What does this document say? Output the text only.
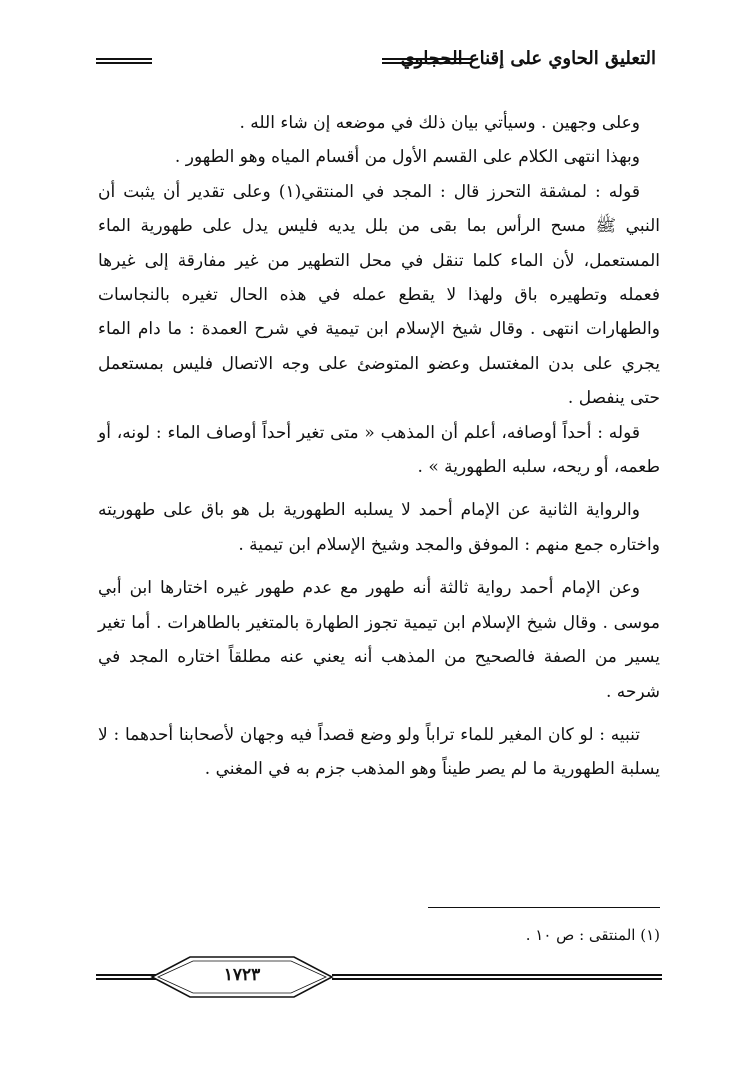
التعليق الحاوي على إقناع الحجاوي

وعلى وجهين . وسيأتي بيان ذلك في موضعه إن شاء الله .

وبهذا انتهى الكلام على القسم الأول من أقسام المياه وهو الطهور .

قوله : لمشقة التحرز قال : المجد في المنتقي(١) وعلى تقدير أن يثبت أن النبي ﷺ مسح الرأس بما بقى من بلل يديه فليس يدل على طهورية الماء المستعمل، لأن الماء كلما تنقل في محل التطهير من غير مفارقة إلى غيرها فعمله وتطهيره باق ولهذا لا يقطع عمله في هذه الحال تغيره بالنجاسات والطهارات انتهى . وقال شيخ الإسلام ابن تيمية في شرح العمدة : ما دام الماء يجري على بدن المغتسل وعضو المتوضئ على وجه الاتصال فليس بمستعمل حتى ينفصل .

قوله : أحداً أوصافه، أعلم أن المذهب « متى تغير أحداً أوصاف الماء : لونه، أو طعمه، أو ريحه، سلبه الطهورية » .

والرواية الثانية عن الإمام أحمد لا يسلبه الطهورية بل هو باق على طهوريته واختاره جمع منهم : الموفق والمجد وشيخ الإسلام ابن تيمية .

وعن الإمام أحمد رواية ثالثة أنه طهور مع عدم طهور غيره اختارها ابن أبي موسى . وقال شيخ الإسلام ابن تيمية تجوز الطهارة بالمتغير بالطاهرات . أما تغير يسير من الصفة فالصحيح من المذهب أنه يعني عنه مطلقاً اختاره المجد في شرحه .

تنبيه : لو كان المغير للماء تراباً ولو وضع قصداً فيه وجهان لأصحابنا أحدهما : لا يسلبة الطهورية ما لم يصر طيناً وهو المذهب جزم به في المغني .

(١) المنتقى : ص ١٠ .
١٧٢٣
